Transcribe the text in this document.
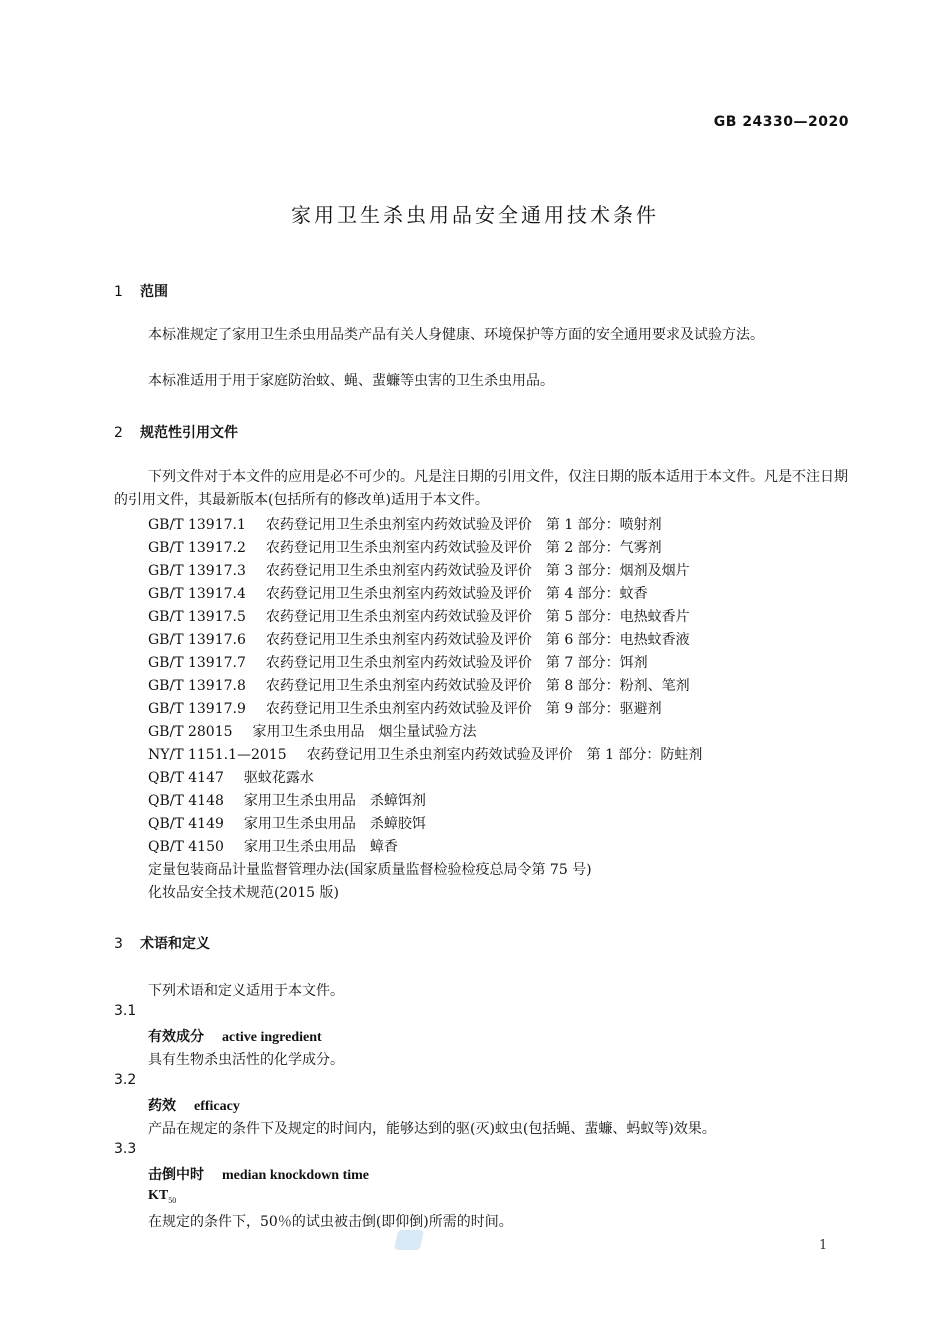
GB 24330—2020
家用卫生杀虫用品安全通用技术条件
1 范围
本标准规定了家用卫生杀虫用品类产品有关人身健康、环境保护等方面的安全通用要求及试验方法。
本标准适用于用于家庭防治蚊、蝇、蜚蠊等虫害的卫生杀虫用品。
2 规范性引用文件
下列文件对于本文件的应用是必不可少的。凡是注日期的引用文件，仅注日期的版本适用于本文件。凡是不注日期的引用文件，其最新版本(包括所有的修改单)适用于本文件。
GB/T 13917.1 农药登记用卫生杀虫剂室内药效试验及评价　第 1 部分：喷射剂
GB/T 13917.2 农药登记用卫生杀虫剂室内药效试验及评价　第 2 部分：气雾剂
GB/T 13917.3 农药登记用卫生杀虫剂室内药效试验及评价　第 3 部分：烟剂及烟片
GB/T 13917.4 农药登记用卫生杀虫剂室内药效试验及评价　第 4 部分：蚊香
GB/T 13917.5 农药登记用卫生杀虫剂室内药效试验及评价　第 5 部分：电热蚊香片
GB/T 13917.6 农药登记用卫生杀虫剂室内药效试验及评价　第 6 部分：电热蚊香液
GB/T 13917.7 农药登记用卫生杀虫剂室内药效试验及评价　第 7 部分：饵剂
GB/T 13917.8 农药登记用卫生杀虫剂室内药效试验及评价　第 8 部分：粉剂、笔剂
GB/T 13917.9 农药登记用卫生杀虫剂室内药效试验及评价　第 9 部分：驱避剂
GB/T 28015 家用卫生杀虫用品　烟尘量试验方法
NY/T 1151.1—2015 农药登记用卫生杀虫剂室内药效试验及评价　第 1 部分：防蛀剂
QB/T 4147 驱蚊花露水
QB/T 4148 家用卫生杀虫用品　杀蟑饵剂
QB/T 4149 家用卫生杀虫用品　杀蟑胶饵
QB/T 4150 家用卫生杀虫用品　蟑香
定量包装商品计量监督管理办法(国家质量监督检验检疫总局令第 75 号)
化妆品安全技术规范(2015 版)
3 术语和定义
下列术语和定义适用于本文件。
3.1
有效成分 active ingredient
具有生物杀虫活性的化学成分。
3.2
药效 efficacy
产品在规定的条件下及规定的时间内，能够达到的驱(灭)蚊虫(包括蝇、蜚蠊、蚂蚁等)效果。
3.3
击倒中时 median knockdown time
$KT_{50}$
在规定的条件下，50％的试虫被击倒(即仰倒)所需的时间。
1
